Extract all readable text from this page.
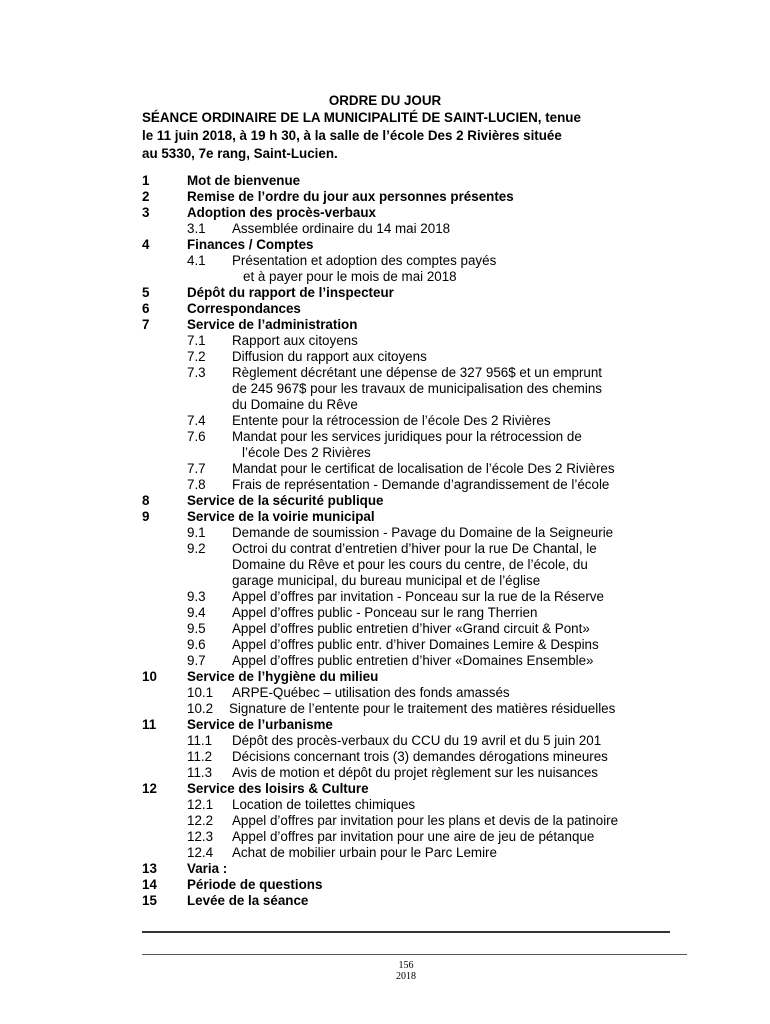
ORDRE DU JOUR
SÉANCE ORDINAIRE DE LA MUNICIPALITÉ DE SAINT-LUCIEN, tenue
le 11 juin 2018, à 19 h 30, à la salle de l’école Des 2 Rivières située
au 5330, 7e rang, Saint-Lucien.
1	Mot de bienvenue
2	Remise de l’ordre du jour aux personnes présentes
3	Adoption des procès-verbaux
3.1 Assemblée ordinaire du 14 mai 2018
4	Finances / Comptes
4.1 Présentation et adoption des comptes payés
et à payer pour le mois de mai 2018
5	Dépôt du rapport de l’inspecteur
6	Correspondances
7	Service de l’administration
7.1 Rapport aux citoyens
7.2 Diffusion du rapport aux citoyens
7.3 Règlement décrétant une dépense de 327 956$ et un emprunt
de 245 967$ pour les travaux de municipalisation des chemins
du Domaine du Rêve
7.4 Entente pour la rétrocession de l’école Des 2 Rivières
7.6 Mandat pour les services juridiques pour la rétrocession de
l’école Des 2 Rivières
7.7 Mandat pour le certificat de localisation de l’école Des 2 Rivières
7.8 Frais de représentation - Demande d’agrandissement de l’école
8	Service de la sécurité publique
9	Service de la voirie municipal
9.1 Demande de soumission - Pavage du Domaine de la Seigneurie
9.2 Octroi du contrat d’entretien d’hiver pour la rue De Chantal, le
Domaine du Rêve et pour les cours du centre, de l’école, du
garage municipal, du bureau municipal et de l’église
9.3 Appel d’offres par invitation - Ponceau sur la rue de la Réserve
9.4 Appel d’offres public - Ponceau sur le rang Therrien
9.5 Appel d’offres public entretien d’hiver «Grand circuit & Pont»
9.6 Appel d’offres public entr. d’hiver Domaines Lemire & Despins
9.7 Appel d’offres public entretien d’hiver «Domaines Ensemble»
10 Service de l’hygiène du milieu
10.1 ARPE-Québec – utilisation des fonds amassés
10.2 Signature de l’entente pour le traitement des matières résiduelles
11 Service de l’urbanisme
11.1 Dépôt des procès-verbaux du CCU du 19 avril et du 5 juin 201
11.2 Décisions concernant trois (3) demandes dérogations mineures
11.3 Avis de motion et dépôt du projet règlement sur les nuisances
12 Service des loisirs & Culture
12.1 Location de toilettes chimiques
12.2 Appel d’offres par invitation pour les plans et devis de la patinoire
12.3 Appel d’offres par invitation pour une aire de jeu de pétanque
12.4 Achat de mobilier urbain pour le Parc Lemire
13 Varia :
14 Période de questions
15 Levée de la séance
156
2018
